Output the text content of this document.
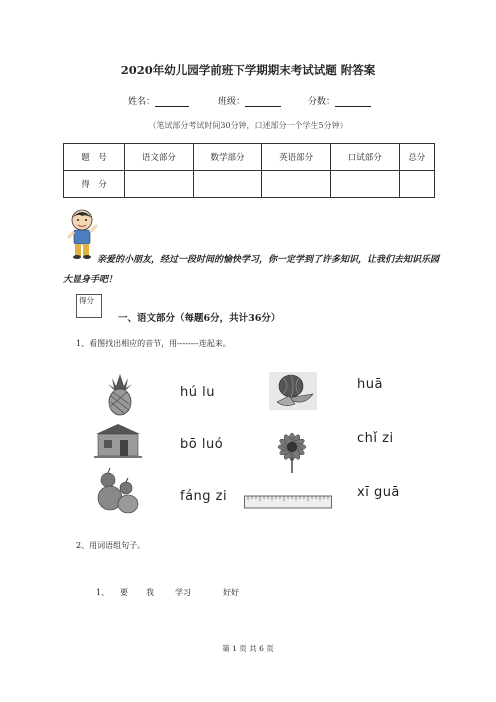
2020年幼儿园学前班下学期期末考试试题 附答案
姓名：	班级：	分数：
（笔试部分考试时间30分钟，口述部分一个学生5分钟）
题　号	语文部分	数学部分	英语部分	口试部分	总分
得　分					
亲爱的小朋友，经过一段时间的愉快学习，你一定学到了许多知识，让我们去知识乐园大显身手吧！
得分
一、语文部分（每题6分，共计36分）
1、看图找出相应的音节，用--------连起来。
hú lu
huā
bō luó	chǐ zi
fáng zi	xī guā
2、用词语组句子。
1、 要 我	学习	好好
第 1 页 共 6 页
